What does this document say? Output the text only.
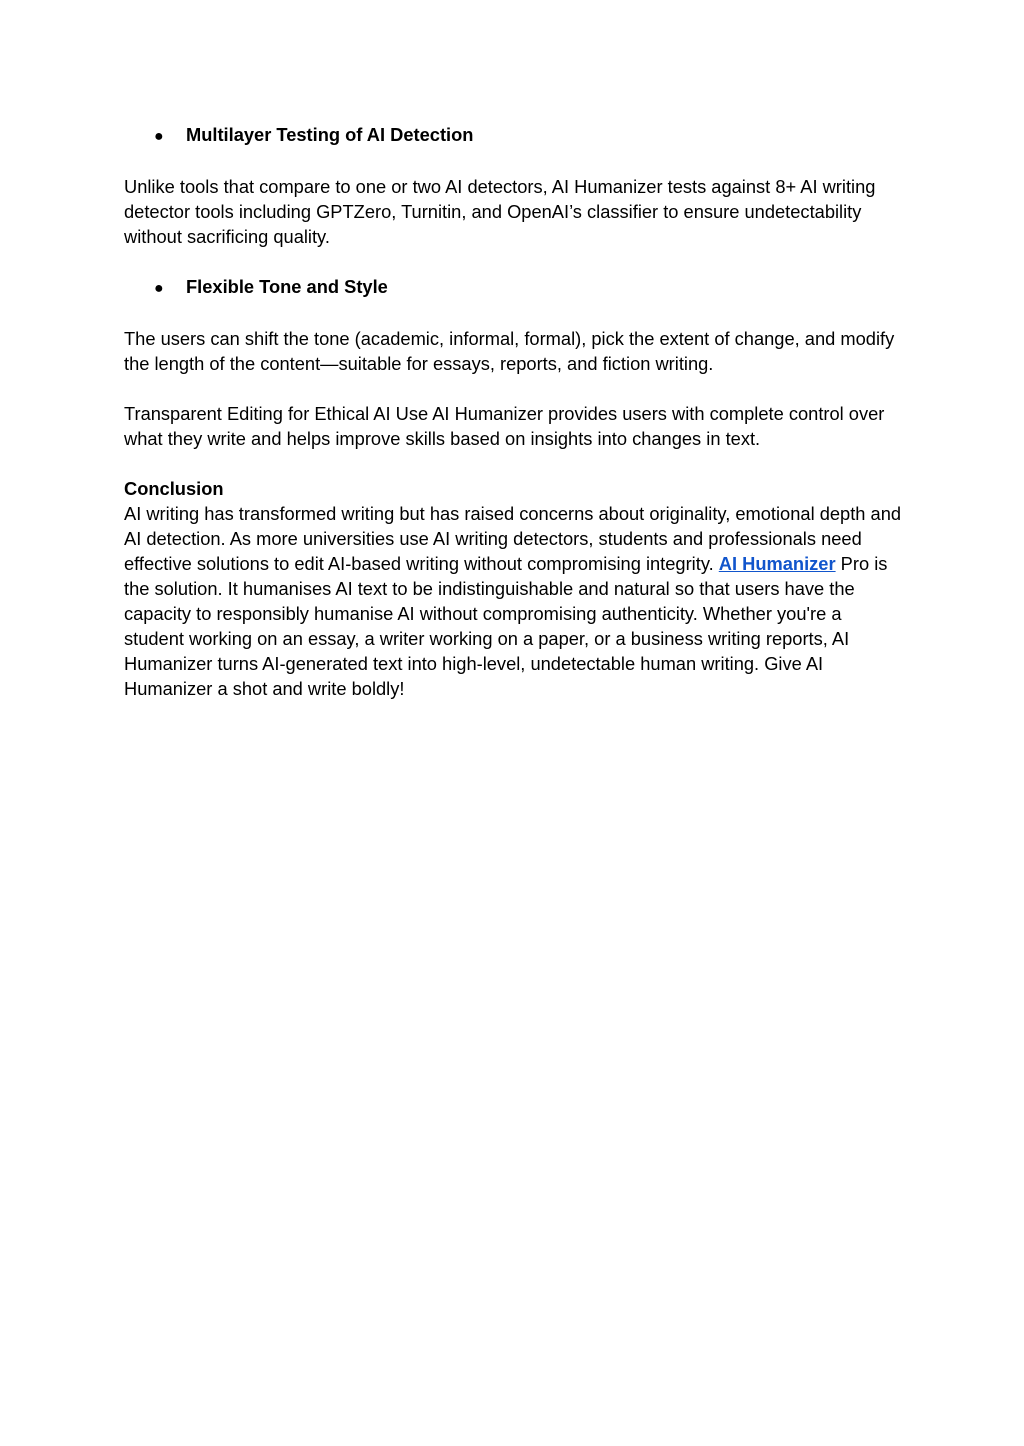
●	Multilayer Testing of AI Detection

Unlike tools that compare to one or two AI detectors, AI Humanizer tests against 8+ AI writing detector tools including GPTZero, Turnitin, and OpenAI’s classifier to ensure undetectability without sacrificing quality.

●	Flexible Tone and Style

The users can shift the tone (academic, informal, formal), pick the extent of change, and modify the length of the content—suitable for essays, reports, and fiction writing.

Transparent Editing for Ethical AI Use AI Humanizer provides users with complete control over what they write and helps improve skills based on insights into changes in text.

Conclusion

AI writing has transformed writing but has raised concerns about originality, emotional depth and AI detection. As more universities use AI writing detectors, students and professionals need effective solutions to edit AI-based writing without compromising integrity. AI Humanizer Pro is the solution. It humanises AI text to be indistinguishable and natural so that users have the capacity to responsibly humanise AI without compromising authenticity. Whether you're a student working on an essay, a writer working on a paper, or a business writing reports, AI Humanizer turns AI-generated text into high-level, undetectable human writing. Give AI Humanizer a shot and write boldly!
